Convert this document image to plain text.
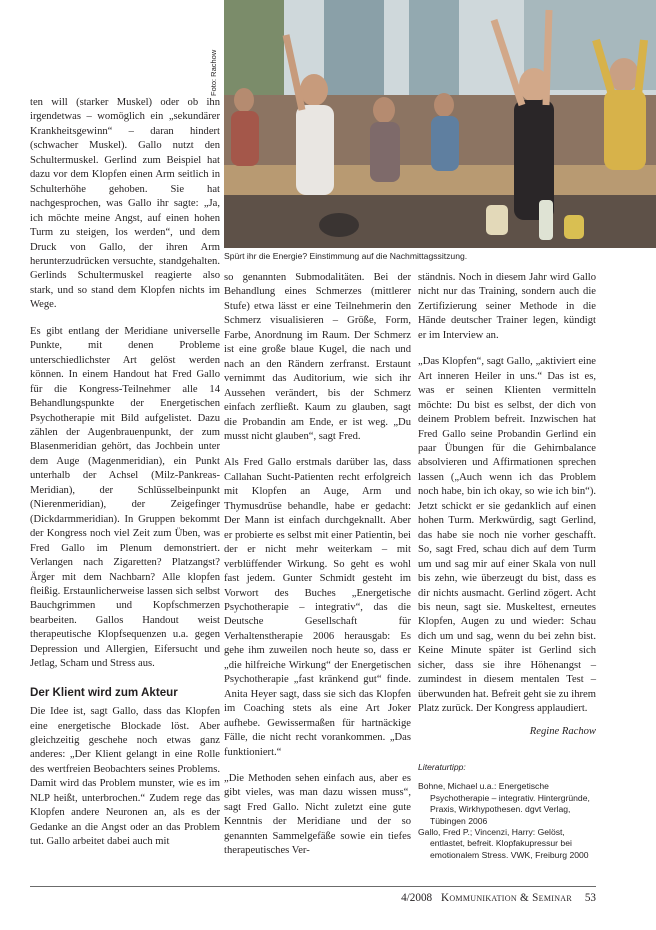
Foto: Rachow
Spürt ihr die Energie? Einstimmung auf die Nachmittagssitzung.

ten will (starker Muskel) oder ob ihn irgendetwas – womöglich ein „sekundärer Krankheitsgewinn“ – daran hindert (schwacher Muskel). Gallo nutzt den Schultermuskel. Gerlind zum Beispiel hat dazu vor dem Klopfen einen Arm seitlich in Schulterhöhe gehoben. Sie hat nachgesprochen, was Gallo ihr sagte: „Ja, ich möchte meine Angst, auf einen hohen Turm zu steigen, los werden“, und dem Druck von Gallo, der ihren Arm herunterzudrücken versuchte, standgehalten. Gerlinds Schultermuskel reagierte also stark, und so stand dem Klopfen nichts im Wege.

Es gibt entlang der Meridiane universelle Punkte, mit denen Probleme unterschiedlichster Art gelöst werden können. In einem Handout hat Fred Gallo für die Kongress-Teilnehmer alle 14 Behandlungspunkte der Energetischen Psychotherapie mit Bild aufgelistet. Dazu zählen der Augenbrauenpunkt, der zum Blasenmeridian gehört, das Jochbein unter dem Auge (Magenmeridian), ein Punkt unterhalb der Achsel (Milz-Pankreas-Meridian), der Schlüsselbeinpunkt (Nierenmeridian), der Zeigefinger (Dickdarmmeridian). In Gruppen bekommt der Kongress noch viel Zeit zum Üben, was Fred Gallo im Plenum demonstriert. Verlangen nach Zigaretten? Platzangst? Ärger mit dem Nachbarn? Alle klopfen fleißig. Erstaunlicherweise lassen sich selbst Bauchgrimmen und Kopfschmerzen bearbeiten. Gallos Handout weist therapeutische Klopfsequenzen u.a. gegen Depression und Allergien, Eifersucht und Jetlag, Scham und Stress aus.

Der Klient wird zum Akteur

Die Idee ist, sagt Gallo, dass das Klopfen eine energetische Blockade löst. Aber gleichzeitig geschehe noch etwas ganz anderes: „Der Klient gelangt in eine Rolle des wertfreien Beobachters seines Problems. Damit wird das Problem munster, wie es im NLP heißt, unterbrochen.“ Zudem rege das Klopfen andere Neuronen an, als es der Gedanke an die Angst oder an das Problem tut. Gallo arbeitet dabei auch mit

so genannten Submodalitäten. Bei der Behandlung eines Schmerzes (mittlerer Stufe) etwa lässt er eine Teilnehmerin den Schmerz visualisieren – Größe, Form, Farbe, Anordnung im Raum. Der Schmerz ist eine große blaue Kugel, die nach und nach an den Rändern zerfranst. Erstaunt vernimmt das Auditorium, wie sich ihr Aussehen verändert, bis der Schmerz einfach zerfließt. Kaum zu glauben, sagt die Probandin am Ende, er ist weg. „Du musst nicht glauben“, sagt Fred.

Als Fred Gallo erstmals darüber las, dass Callahan Sucht-Patienten recht erfolgreich mit Klopfen an Auge, Arm und Thymusdrüse behandle, habe er gedacht: Der Mann ist einfach durchgeknallt. Aber er probierte es selbst mit einer Patientin, bei der er nicht mehr weiterkam – mit verblüffender Wirkung. So geht es wohl fast jedem. Gunter Schmidt gesteht im Vorwort des Buches „Energetische Psychotherapie – integrativ“, das die Deutsche Gesellschaft für Verhaltenstherapie 2006 herausgab: Es gehe ihm zuweilen noch heute so, dass er „die hilfreiche Wirkung“ der Energetischen Psychotherapie „fast kränkend gut“ finde. Anita Heyer sagt, dass sie sich das Klopfen im Coaching stets als eine Art Joker aufhebe. Gewissermaßen für hartnäckige Fälle, die nicht recht vorankommen. „Das funktioniert.“

„Die Methoden sehen einfach aus, aber es gibt vieles, was man dazu wissen muss“, sagt Fred Gallo. Nicht zuletzt eine gute Kenntnis der Meridiane und der so genannten Sammelgefäße sowie ein tiefes therapeutisches Ver-

ständnis. Noch in diesem Jahr wird Gallo nicht nur das Training, sondern auch die Zertifizierung seiner Methode in die Hände deutscher Trainer legen, kündigt er im Interview an.

„Das Klopfen“, sagt Gallo, „aktiviert eine Art inneren Heiler in uns.“ Das ist es, was er seinen Klienten vermitteln möchte: Du bist es selbst, der dich von deinem Problem befreit. Inzwischen hat Fred Gallo seine Probandin Gerlind ein paar Übungen für die Gehirnbalance absolvieren und Affirmationen sprechen lassen („Auch wenn ich das Problem noch habe, bin ich okay, so wie ich bin“). Jetzt schickt er sie gedanklich auf einen hohen Turm. Merkwürdig, sagt Gerlind, das habe sie noch nie vorher geschafft. So, sagt Fred, schau dich auf dem Turm um und sag mir auf einer Skala von null bis zehn, wie überzeugt du bist, dass es dir nichts ausmacht. Gerlind zögert. Acht bis neun, sagt sie. Muskeltest, erneutes Klopfen, Augen zu und wieder: Schau dich um und sag, wenn du bei zehn bist. Keine Minute später ist Gerlind sich sicher, dass sie ihre Höhenangst – zumindest in diesem mentalen Test – überwunden hat. Befreit geht sie zu ihrem Platz zurück. Der Kongress applaudiert.

Regine Rachow
Literaturtipp:

Bohne, Michael u.a.: Energetische Psychotherapie – integrativ. Hintergründe, Praxis, Wirkhypothesen. dgvt Verlag, Tübingen 2006

Gallo, Fred P.; Vincenzi, Harry: Gelöst, entlastet, befreit. Klopfakupressur bei emotionalem Stress. VWK, Freiburg 2000

4/2008 Kommunikation & Seminar 53
